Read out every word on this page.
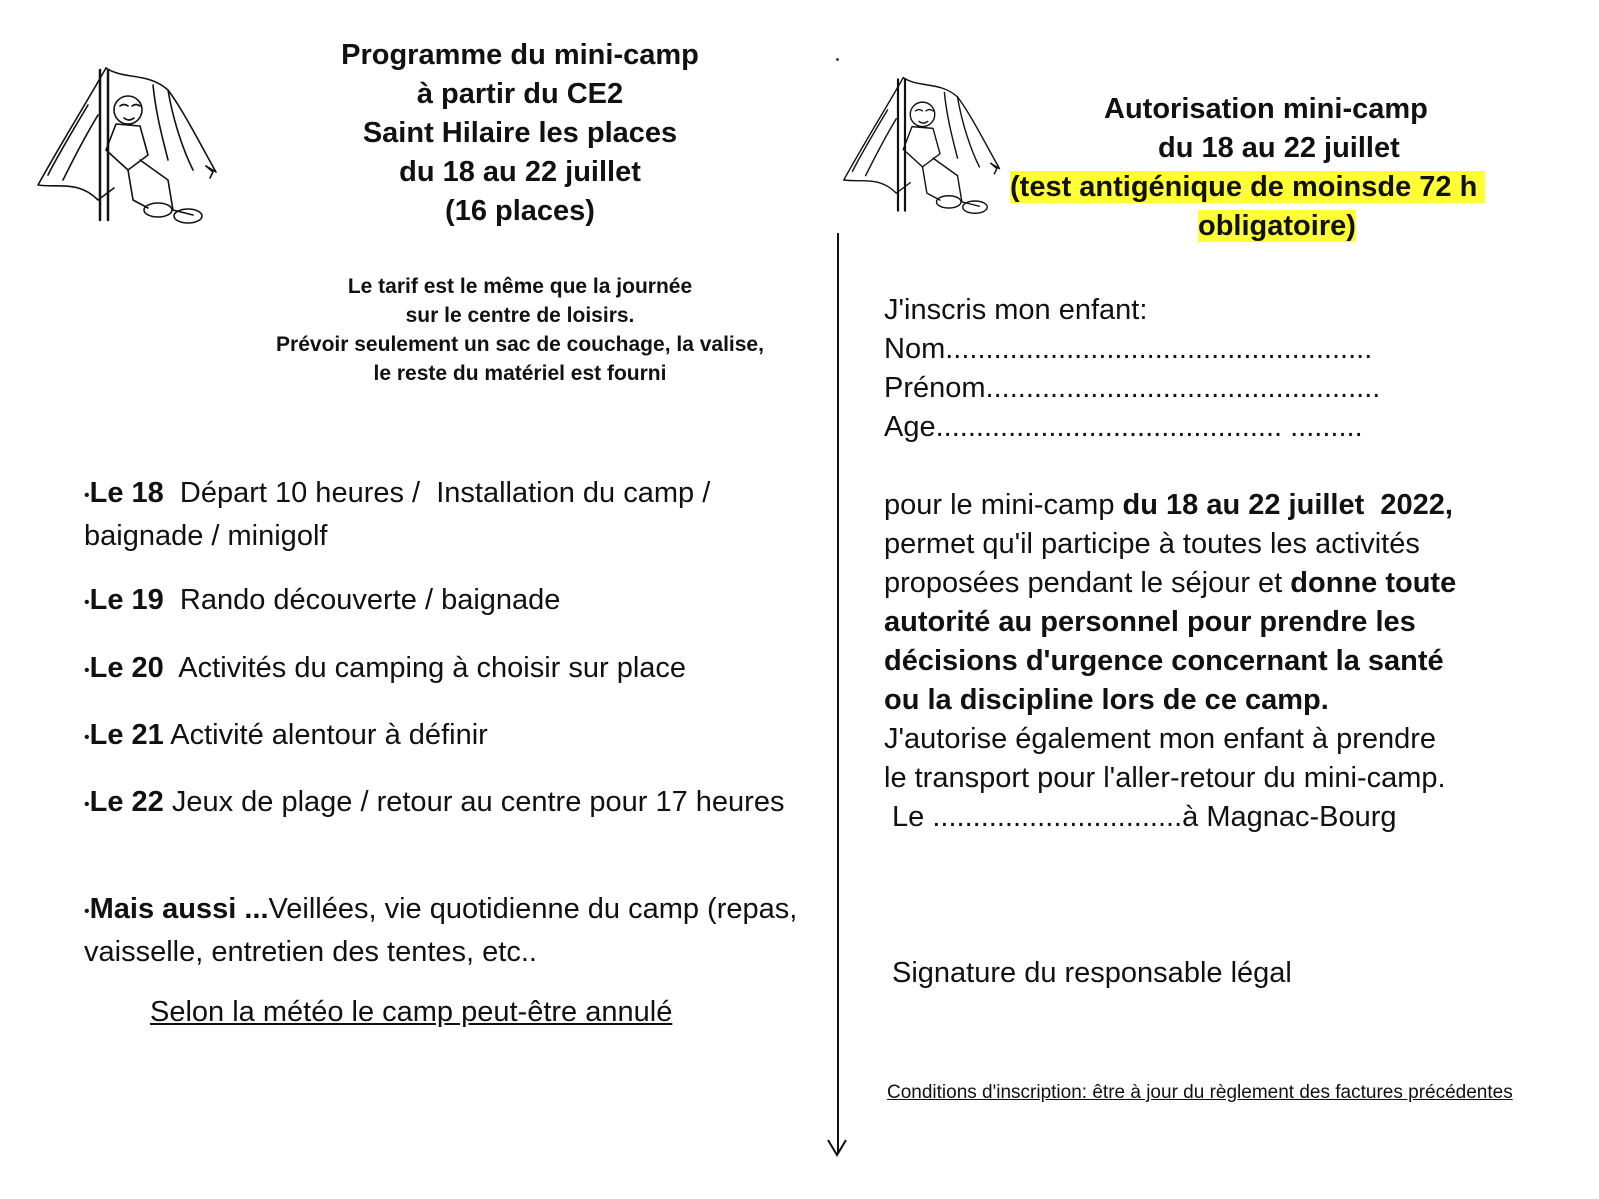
Programme du mini-camp
à partir du CE2
Saint Hilaire les places
du 18 au 22 juillet
(16 places)
Le tarif est le même que la journée
sur le centre de loisirs.
Prévoir seulement un sac de couchage, la valise,
le reste du matériel est fourni
•Le 18  Départ 10 heures /  Installation du camp / baignade / minigolf
•Le 19  Rando découverte / baignade
•Le 20  Activités du camping à choisir sur place
•Le 21 Activité alentour à définir
•Le 22 Jeux de plage / retour au centre pour 17 heures
•Mais aussi ...Veillées, vie quotidienne du camp (repas, vaisselle, entretien des tentes, etc..
Selon la météo le camp peut-être annulé
Autorisation mini-camp
du 18 au 22 juillet
(test antigénique de moinsde 72 h
obligatoire)
J'inscris mon enfant:
Nom.....................................................
Prénom.................................................
Age........................................... .........
pour le mini-camp du 18 au 22 juillet  2022,
permet qu'il participe à toutes les activités
proposées pendant le séjour et donne toute
autorité au personnel pour prendre les
décisions d'urgence concernant la santé
ou la discipline lors de ce camp.
J'autorise également mon enfant à prendre
le transport pour l'aller-retour du mini-camp.
Le ...............................à Magnac-Bourg
Signature du responsable légal
Conditions d'inscription: être à jour du règlement des factures précédentes
